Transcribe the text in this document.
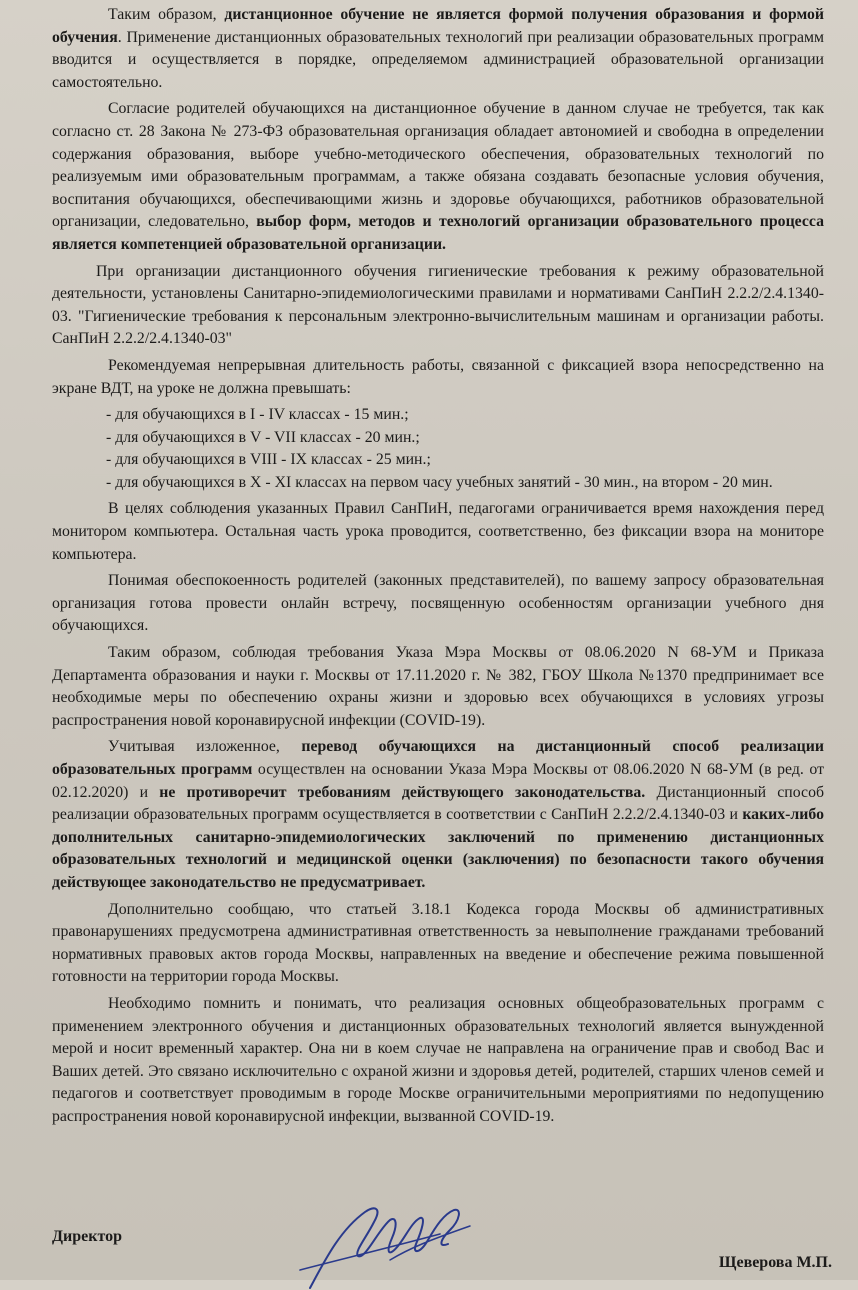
Таким образом, дистанционное обучение не является формой получения образования и формой обучения. Применение дистанционных образовательных технологий при реализации образовательных программ вводится и осуществляется в порядке, определяемом администрацией образовательной организации самостоятельно.

Согласие родителей обучающихся на дистанционное обучение в данном случае не требуется, так как согласно ст. 28 Закона № 273-ФЗ образовательная организация обладает автономией и свободна в определении содержания образования, выборе учебно-методического обеспечения, образовательных технологий по реализуемым ими образовательным программам, а также обязана создавать безопасные условия обучения, воспитания обучающихся, обеспечивающими жизнь и здоровье обучающихся, работников образовательной организации, следовательно, выбор форм, методов и технологий организации образовательного процесса является компетенцией образовательной организации.

При организации дистанционного обучения гигиенические требования к режиму образовательной деятельности, установлены Санитарно-эпидемиологическими правилами и нормативами СанПиН 2.2.2/2.4.1340-03. "Гигиенические требования к персональным электронно-вычислительным машинам и организации работы. СанПиН 2.2.2/2.4.1340-03"

Рекомендуемая непрерывная длительность работы, связанной с фиксацией взора непосредственно на экране ВДТ, на уроке не должна превышать:

- для обучающихся в I - IV классах - 15 мин.;

- для обучающихся в V - VII классах - 20 мин.;

- для обучающихся в VIII - IX классах - 25 мин.;

- для обучающихся в X - XI классах на первом часу учебных занятий - 30 мин., на втором - 20 мин.

В целях соблюдения указанных Правил СанПиН, педагогами ограничивается время нахождения перед монитором компьютера. Остальная часть урока проводится, соответственно, без фиксации взора на мониторе компьютера.

Понимая обеспокоенность родителей (законных представителей), по вашему запросу образовательная организация готова провести онлайн встречу, посвященную особенностям организации учебного дня обучающихся.

Таким образом, соблюдая требования Указа Мэра Москвы от 08.06.2020 N 68-УМ и Приказа Департамента образования и науки г. Москвы от 17.11.2020 г. № 382, ГБОУ Школа №1370 предпринимает все необходимые меры по обеспечению охраны жизни и здоровью всех обучающихся в условиях угрозы распространения новой коронавирусной инфекции (COVID-19).

Учитывая изложенное, перевод обучающихся на дистанционный способ реализации образовательных программ осуществлен на основании Указа Мэра Москвы от 08.06.2020 N 68-УМ (в ред. от 02.12.2020) и не противоречит требованиям действующего законодательства. Дистанционный способ реализации образовательных программ осуществляется в соответствии с СанПиН 2.2.2/2.4.1340-03 и каких-либо дополнительных санитарно-эпидемиологических заключений по применению дистанционных образовательных технологий и медицинской оценки (заключения) по безопасности такого обучения действующее законодательство не предусматривает.

Дополнительно сообщаю, что статьей 3.18.1 Кодекса города Москвы об административных правонарушениях предусмотрена административная ответственность за невыполнение гражданами требований нормативных правовых актов города Москвы, направленных на введение и обеспечение режима повышенной готовности на территории города Москвы.

Необходимо помнить и понимать, что реализация основных общеобразовательных программ с применением электронного обучения и дистанционных образовательных технологий является вынужденной мерой и носит временный характер. Она ни в коем случае не направлена на ограничение прав и свобод Вас и Ваших детей. Это связано исключительно с охраной жизни и здоровья детей, родителей, старших членов семей и педагогов и соответствует проводимым в городе Москве ограничительными мероприятиями по недопущению распространения новой коронавирусной инфекции, вызванной COVID-19.

Директор
Щеверова М.П.
